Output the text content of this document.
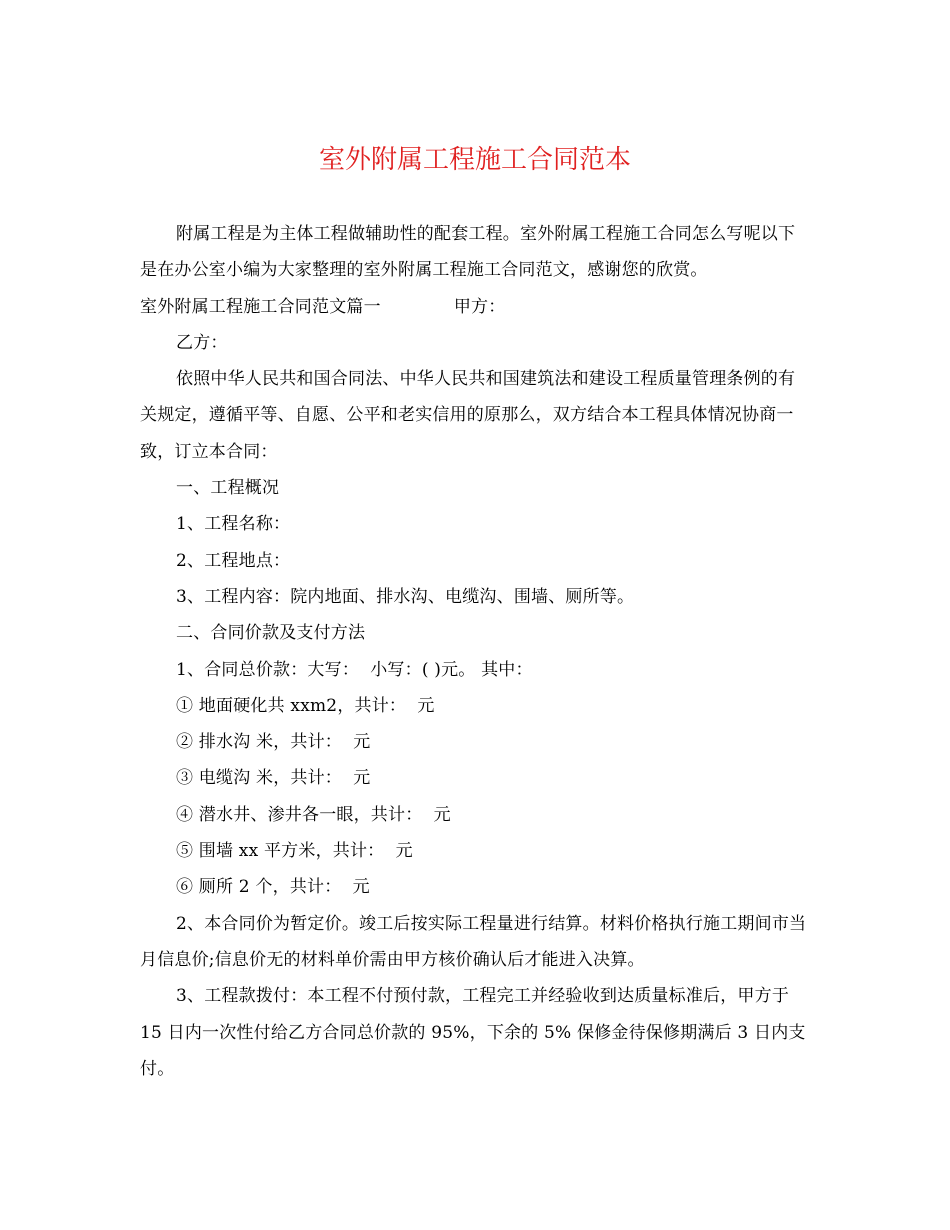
室外附属工程施工合同范本

附属工程是为主体工程做辅助性的配套工程。室外附属工程施工合同怎么写呢以下是在办公室小编为大家整理的室外附属工程施工合同范文，感谢您的欣赏。

室外附属工程施工合同范文篇一		甲方：

乙方：

依照中华人民共和国合同法、中华人民共和国建筑法和建设工程质量管理条例的有关规定，遵循平等、自愿、公平和老实信用的原那么，双方结合本工程具体情况协商一致，订立本合同：

一、工程概况

1、工程名称：

2、工程地点：

3、工程内容：院内地面、排水沟、电缆沟、围墙、厕所等。

二、合同价款及支付方法

1、合同总价款：大写：  小写：( )元。 其中：

① 地面硬化共 xxm2，共计：  元

② 排水沟 米，共计：  元

③ 电缆沟 米，共计：  元

④ 潜水井、渗井各一眼，共计：  元

⑤ 围墙 xx 平方米，共计：  元

⑥ 厕所 2 个，共计：  元

2、本合同价为暂定价。竣工后按实际工程量进行结算。材料价格执行施工期间市当月信息价;信息价无的材料单价需由甲方核价确认后才能进入决算。

3、工程款拨付：本工程不付预付款，工程完工并经验收到达质量标准后，甲方于 15 日内一次性付给乙方合同总价款的 95%，下余的 5% 保修金待保修期满后 3 日内支付。
